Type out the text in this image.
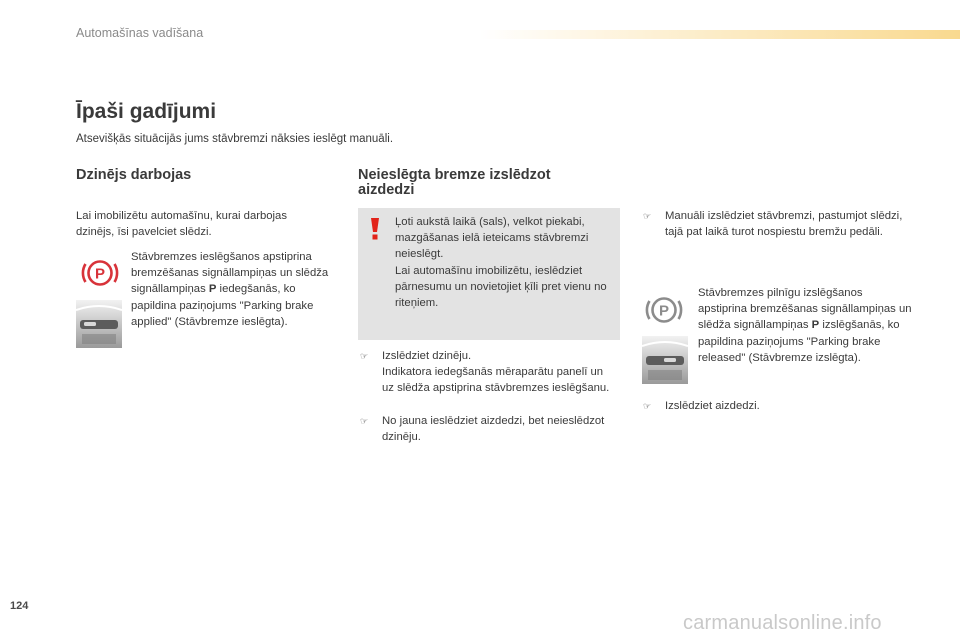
Automašīnas vadīšana
Īpaši gadījumi

Atsevišķās situācijās jums stāvbremzi nāksies ieslēgt manuāli.

Dzinējs darbojas

Lai imobilizētu automašīnu, kurai darbojas dzinējs, īsi pavelciet slēdzi.

P

Stāvbremzes ieslēgšanos apstiprina bremzēšanas signāllampiņas un slēdža signāllampiņas P iedegšanās, ko papildina paziņojums "Parking brake applied" (Stāvbremze ieslēgta).

Neieslēgta bremze izslēdzot
aizdedzi
Ļoti aukstā laikā (sals), velkot piekabi, mazgāšanas ielā ieteicams stāvbremzi neieslēgt.
Lai automašīnu imobilizētu, ieslēdziet pārnesumu un novietojiet ķīli pret vienu no riteņiem.
☞ Izslēdziet dzinēju.
Indikatora iedegšanās mēraparātu panelī un uz slēdža apstiprina stāvbremzes ieslēgšanu.
☞ No jauna ieslēdziet aizdedzi, bet neieslēdzot dzinēju.
☞ Manuāli izslēdziet stāvbremzi, pastumjot slēdzi, tajā pat laikā turot nospiestu bremžu pedāli.
P

Stāvbremzes pilnīgu izslēgšanos apstiprina bremzēšanas signāllampiņas un slēdža signāllampiņas P izslēgšanās, ko papildina paziņojums "Parking brake released" (Stāvbremze izslēgta).

☞ Izslēdziet aizdedzi.
124
carmanualsonline.info
